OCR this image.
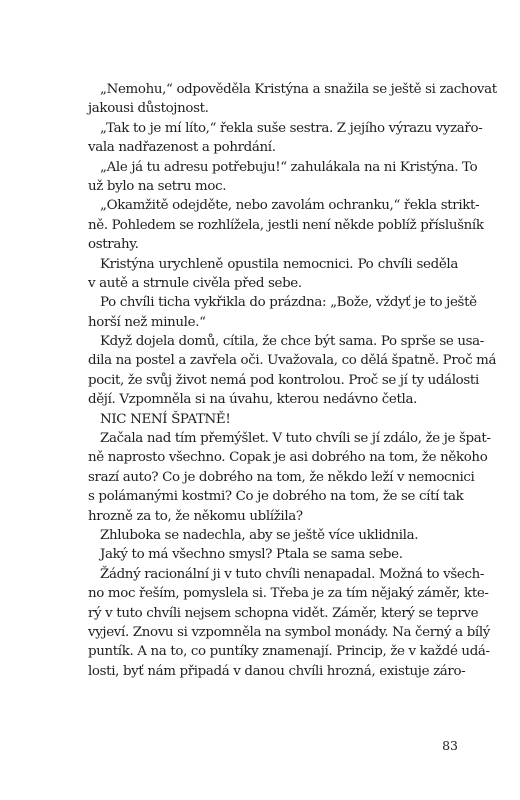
„Nemohu,“ odpověděla Kristýna a snažila se ještě si zachovat
jakousi důstojnost.
„Tak to je mí líto,“ řekla suše sestra. Z jejího výrazu vyzařo-
vala nadřazenost a pohrdání.
„Ale já tu adresu potřebuju!“ zahulákala na ni Kristýna. To
už bylo na setru moc.
„Okamžitě odejděte, nebo zavolám ochranku,“ řekla strikt-
ně. Pohledem se rozhlížela, jestli není někde poblíž příslušník
ostrahy.
Kristýna urychleně opustila nemocnici. Po chvíli seděla
v autě a strnule civěla před sebe.
Po chvíli ticha vykřikla do prázdna: „Bože, vždyť je to ještě
horší než minule.“
Když dojela domů, cítila, že chce být sama. Po sprše se usa-
dila na postel a zavřela oči. Uvažovala, co dělá špatně. Proč má
pocit, že svůj život nemá pod kontrolou. Proč se jí ty události
dějí. Vzpomněla si na úvahu, kterou nedávno četla.
NIC NENÍ ŠPATNĚ!
Začala nad tím přemýšlet. V tuto chvíli se jí zdálo, že je špat-
ně naprosto všechno. Copak je asi dobrého na tom, že někoho
srazí auto? Co je dobrého na tom, že někdo leží v nemocnici
s polámanými kostmi? Co je dobrého na tom, že se cítí tak
hrozně za to, že někomu ublížila?
Zhluboka se nadechla, aby se ještě více uklidnila.
Jaký to má všechno smysl? Ptala se sama sebe.
Žádný racionální ji v tuto chvíli nenapadal. Možná to všech-
no moc řeším, pomyslela si. Třeba je za tím nějaký záměr, kte-
rý v tuto chvíli nejsem schopna vidět. Záměr, který se teprve
vyjeví. Znovu si vzpomněla na symbol monády. Na černý a bílý
puntík. A na to, co puntíky znamenají. Princip, že v každé udá-
losti, byť nám připadá v danou chvíli hrozná, existuje záro-
83
